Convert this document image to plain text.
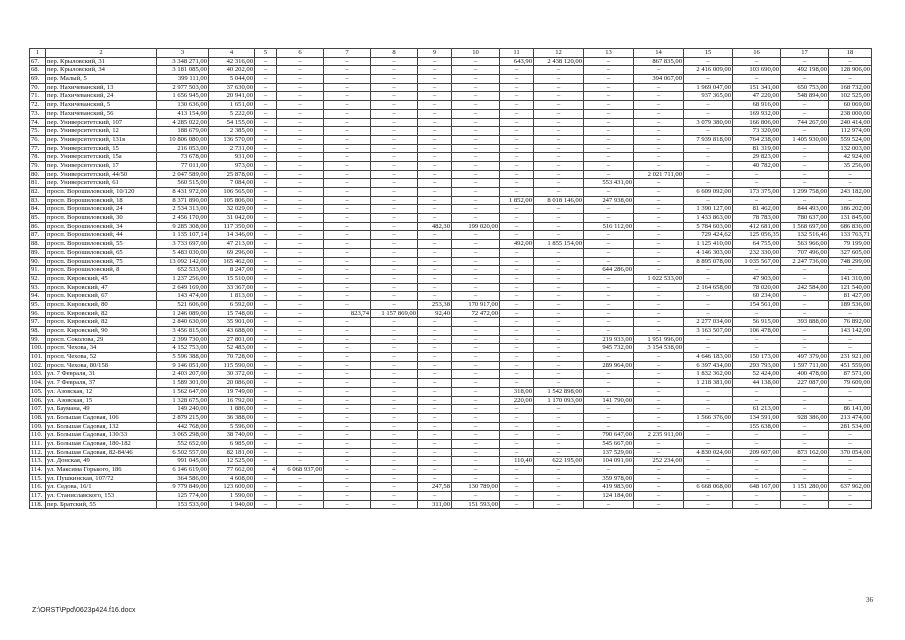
1	2	3	4	5	6	7	8	9	10	11	12	13	14	15	16	17	18
67.	пер. Крыловский, 31	3 348 271,00	42 316,00	–	–	–	–	–	–	643,90	2 438 120,00	–	867 835,00	–	–	–	–
68.	пер. Крыловский, 34	3 181 085,00	40 202,00	–	–	–	–	–	–	–	–	–	–	2 416 009,00	103 690,00	492 198,00	128 906,00
69.	пер. Малый, 5	399 111,00	5 044,00	–	–	–	–	–	–	–	–	–	394 067,00	–	–	–	–
70.	пер. Нахичеванский, 13	2 977 503,00	37 630,00	–	–	–	–	–	–	–	–	–	–	1 969 047,00	151 341,00	650 753,00	168 732,00
71.	пер. Нахичеванский, 24	1 656 945,00	20 941,00	–	–	–	–	–	–	–	–	–	–	937 365,00	47 220,00	548 894,00	102 525,00
72.	пер. Нахичеванский, 5	130 636,00	1 651,00	–	–	–	–	–	–	–	–	–	–	–	68 916,00	–	60 069,00
73.	пер. Нахичеванский, 56	413 154,00	5 222,00	–	–	–	–	–	–	–	–	–	–	–	169 932,00	–	238 000,00
74.	пер. Университетский, 107	4 285 022,00	54 155,00	–	–	–	–	–	–	–	–	–	–	3 079 380,00	166 806,00	744 267,00	240 414,00
75.	пер. Университетский, 12	188 679,00	2 385,00	–	–	–	–	–	–	–	–	–	–	–	73 320,00	–	112 974,00
76.	пер. Университетский, 131в	10 806 080,00	136 570,00	–	–	–	–	–	–	–	–	–	–	7 939 818,00	764 238,00	1 405 930,00	559 524,00
77.	пер. Университетский, 15	216 053,00	2 731,00	–	–	–	–	–	–	–	–	–	–	–	81 319,00	–	132 003,00
78.	пер. Университетский, 15а	73 678,00	931,00	–	–	–	–	–	–	–	–	–	–	–	29 823,00	–	42 924,00
79.	пер. Университетский, 17	77 011,00	973,00	–	–	–	–	–	–	–	–	–	–	–	40 782,00	–	35 256,00
80.	пер. Университетский, 44/50	2 047 589,00	25 878,00	–	–	–	–	–	–	–	–	–	2 021 711,00	–	–	–	–
81.	пер. Университетский, 61	560 515,00	7 084,00	–	–	–	–	–	–	–	–	553 431,00	–	–	–	–	–
82.	просп. Ворошиловский, 10/120	8 431 972,00	106 565,00	–	–	–	–	–	–	–	–	–	–	6 609 092,00	173 375,00	1 299 758,00	243 182,00
83.	просп. Ворошиловский, 18	8 371 890,00	105 806,00	–	–	–	–	–	–	1 852,00	8 018 146,00	247 938,00	–	–	–	–	–
84.	просп. Ворошиловский, 24	2 534 313,00	32 029,00	–	–	–	–	–	–	–	–	–	–	1 390 127,00	81 462,00	844 493,00	186 202,00
85.	просп. Ворошиловский, 30	2 456 170,00	31 042,00	–	–	–	–	–	–	–	–	–	–	1 433 863,00	78 783,00	780 637,00	131 845,00
86.	просп. Ворошиловский, 34	9 285 308,00	117 350,00	–	–	–	–	482,30	199 020,00	–	–	516 112,00	–	5 784 603,00	412 681,00	1 568 697,00	686 836,00
87.	просп. Ворошиловский, 44	1 135 107,14	14 346,00	–	–	–	–	–	–	–	–	–	–	729 424,62	125 056,35	132 516,46	133 763,71
88.	просп. Ворошиловский, 55	3 733 697,00	47 213,00	–	–	–	–	–	–	492,00	1 855 154,00	–	–	1 125 410,00	64 755,00	563 966,00	79 199,00
89.	просп. Ворошиловский, 65	5 483 030,00	69 296,00	–	–	–	–	–	–	–	–	–	–	4 146 303,00	232 330,00	707 496,00	327 605,00
90.	просп. Ворошиловский, 75	13 092 142,00	165 462,00	–	–	–	–	–	–	–	–	–	–	8 895 078,00	1 035 567,00	2 247 736,00	748 299,00
91.	просп. Ворошиловский, 8	652 533,00	8 247,00	–	–	–	–	–	–	–	–	644 286,00	–	–	–	–	–
92.	просп. Кировский, 45	1 237 256,00	15 510,00	–	–	–	–	–	–	–	–	–	1 022 533,00	–	47 903,00	–	141 310,00
93.	просп. Кировский, 47	2 649 169,00	33 367,00	–	–	–	–	–	–	–	–	–	–	2 164 658,00	78 020,00	242 584,00	121 540,00
94.	просп. Кировский, 67	143 474,00	1 813,00	–	–	–	–	–	–	–	–	–	–	–	60 234,00	–	81 427,00
95.	просп. Кировский, 80	521 606,00	6 592,00	–	–	–	–	253,38	170 917,00	–	–	–	–	–	154 561,00	–	189 536,00
96.	просп. Кировский, 82	1 246 089,00	15 748,00	–	–	823,74	1 157 869,00	92,40	72 472,00	–	–	–	–	–	–	–	–
97.	просп. Кировский, 82	2 840 630,00	35 901,00	–	–	–	–	–	–	–	–	–	–	2 277 034,00	56 915,00	393 888,00	76 892,00
98.	просп. Кировский, 90	3 456 815,00	43 688,00	–	–	–	–	–	–	–	–	–	–	3 163 507,00	106 478,00	–	143 142,00
99.	просп. Соколова, 29	2 399 730,00	27 801,00	–	–	–	–	–	–	–	–	219 933,00	1 951 996,00	–	–	–	–
100.	просп. Чехова, 34	4 152 753,00	52 483,00	–	–	–	–	–	–	–	–	945 732,00	3 154 538,00	–	–	–	–
101.	просп. Чехова, 52	5 596 388,00	70 728,00	–	–	–	–	–	–	–	–	–	–	4 646 183,00	150 173,00	497 379,00	231 921,00
102.	просп. Чехова, 80/158	9 146 051,00	115 590,00	–	–	–	–	–	–	–	–	289 964,00	–	6 397 434,00	293 793,00	1 597 711,00	451 559,00
103.	ул. 7 Февраля, 31	2 403 207,00	30 372,00	–	–	–	–	–	–	–	–	–	–	1 832 362,00	52 424,00	400 478,00	87 571,00
104.	ул. 7 Февраля, 37	1 589 301,00	20 086,00	–	–	–	–	–	–	–	–	–	–	1 218 381,00	44 138,00	227 087,00	79 609,00
105.	ул. Азовская, 12	1 562 647,00	19 749,00	–	–	–	–	–	–	318,00	1 542 898,00	–	–	–	–	–	–
106.	ул. Азовская, 15	1 328 675,00	16 792,00	–	–	–	–	–	–	220,00	1 170 093,00	141 790,00	–	–	–	–	–
107.	ул. Баумана, 49	149 240,00	1 886,00	–	–	–	–	–	–	–	–	–	–	–	61 213,00	–	86 141,00
108.	ул. Большая Садовая, 106	2 879 215,00	36 388,00	–	–	–	–	–	–	–	–	–	–	1 566 376,00	134 591,00	928 386,00	213 474,00
109.	ул. Большая Садовая, 132	442 768,00	5 596,00	–	–	–	–	–	–	–	–	–	–	–	155 638,00	–	281 534,00
110.	ул. Большая Садовая, 130/33	3 065 298,00	38 740,00	–	–	–	–	–	–	–	–	790 647,00	2 235 911,00	–	–	–	–
111.	ул. Большая Садовая, 180-182	552 652,00	6 985,00	–	–	–	–	–	–	–	–	545 667,00	–	–	–	–	–
112.	ул. Большая Садовая, 82-84/46	6 502 557,00	82 181,00	–	–	–	–	–	–	–	–	137 529,00	–	4 830 024,00	209 607,00	873 162,00	370 054,00
113.	ул. Донская, 49	991 045,00	12 525,00	–	–	–	–	–	–	110,40	622 195,00	104 091,00	252 234,00	–	–	–	–
114.	ул. Максима Горького, 186	6 146 619,00	77 662,00	4	6 068 937,00	–	–	–	–	–	–	–	–	–	–	–	–
115.	ул. Пушкинская, 107/72	364 586,00	4 608,00	–	–	–	–	–	–	–	–	359 978,00	–	–	–	–	–
116.	ул. Седова, 16/1	9 779 849,00	123 600,00	–	–	–	–	247,58	130 789,00	–	–	419 983,00	–	6 668 068,00	648 167,00	1 151 280,00	637 962,00
117.	ул. Станиславского, 153	125 774,00	1 590,00	–	–	–	–	–	–	–	–	124 184,00	–	–	–	–	–
118.	пер. Братский, 55	153 533,00	1 940,00	–	–	–	–	311,00	151 593,00	–	–	–	–	–	–	–	–
36
Z:\ORST\Ppd\0623p424.f16.docx
